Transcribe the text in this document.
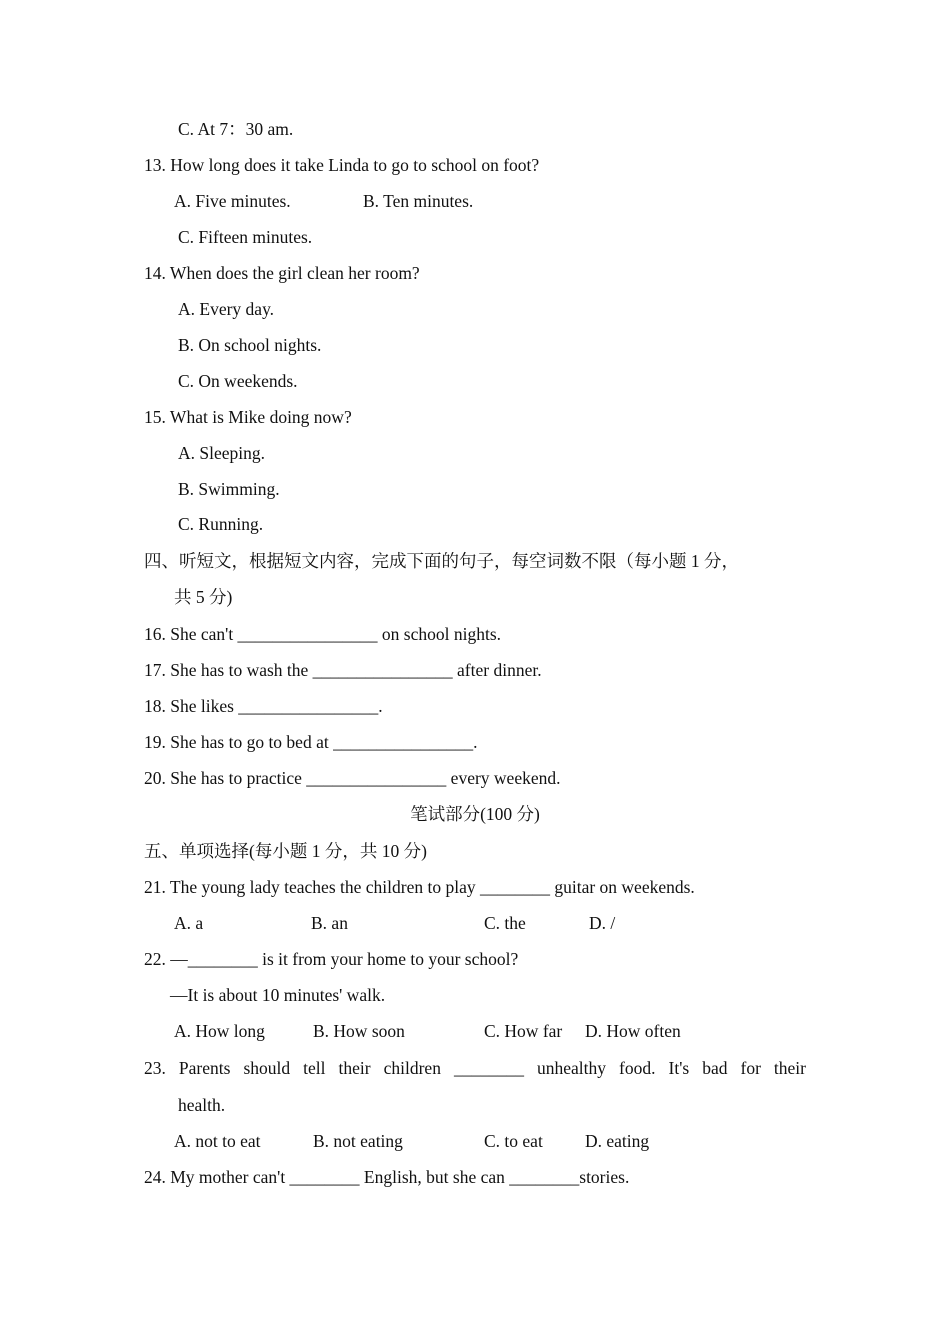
C. At 7：30 am.
13. How long does it take Linda to go to school on foot?
A. Five minutes.	B. Ten minutes.
C. Fifteen minutes.
14. When does the girl clean her room?
A. Every day.
B. On school nights.
C. On weekends.
15. What is Mike doing now?
A. Sleeping.
B. Swimming.
C. Running.
四、听短文，根据短文内容，完成下面的句子，每空词数不限（每小题 1 分，
共 5 分)
16. She can't ________________ on school nights.
17. She has to wash the ________________ after dinner.
18. She likes ________________.
19. She has to go to bed at ________________.
20. She has to practice ________________ every weekend.
笔试部分(100 分)
五、单项选择(每小题 1 分，共 10 分)
21. The young lady teaches the children to play ________ guitar on weekends.
A. a	B. an	C. the	D. /
22. —________ is it from your home to your school?
—It is about 10 minutes' walk.
A. How long	B. How soon	C. How far D. How often
23. Parents should tell their children ________ unhealthy food. It's bad for their
health.
A. not to eat	B. not eating	C. to eat D. eating
24. My mother can't ________ English, but she can ________stories.
